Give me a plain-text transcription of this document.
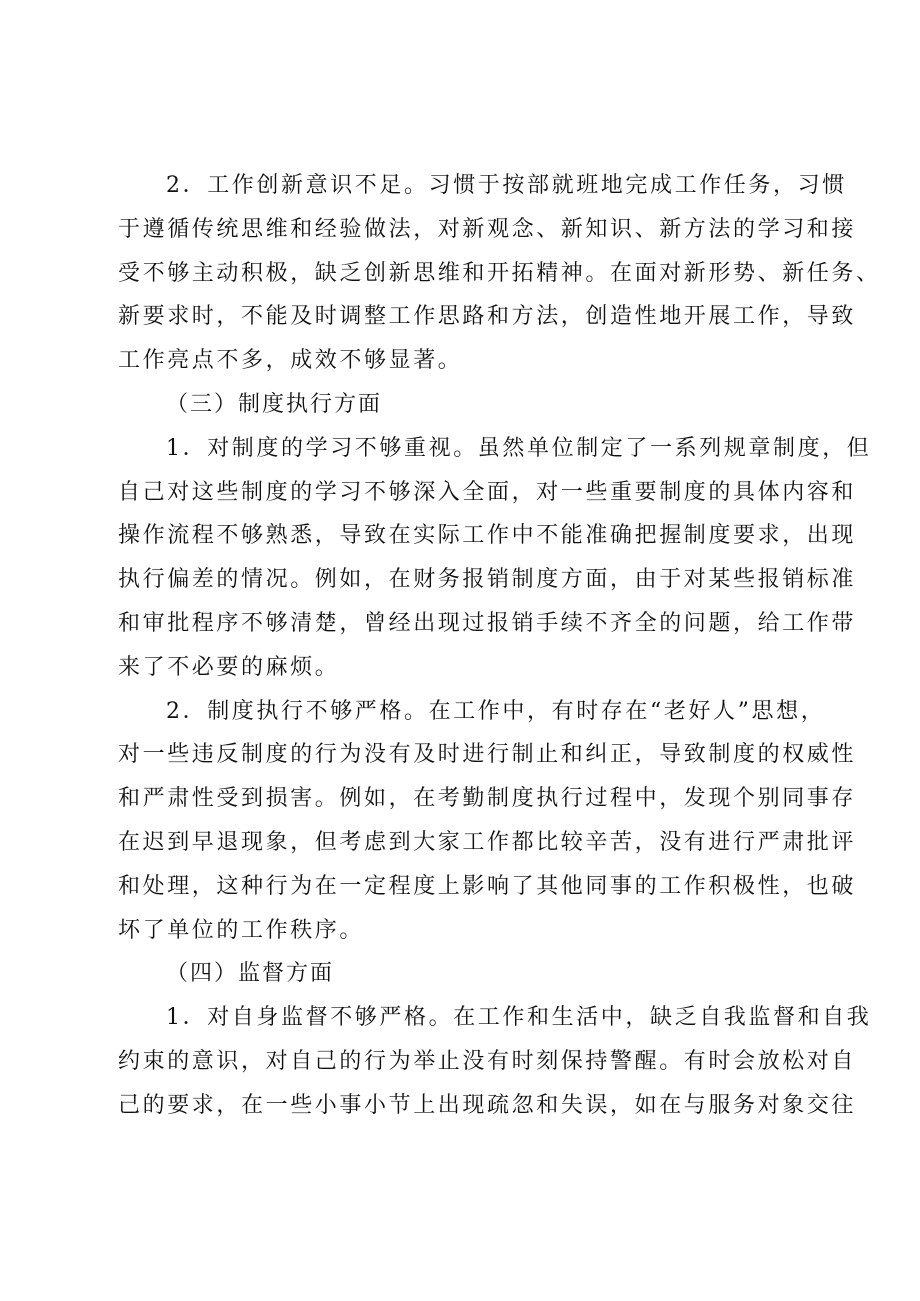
2．工作创新意识不足。习惯于按部就班地完成工作任务，习惯
于遵循传统思维和经验做法，对新观念、新知识、新方法的学习和接
受不够主动积极，缺乏创新思维和开拓精神。在面对新形势、新任务、
新要求时，不能及时调整工作思路和方法，创造性地开展工作，导致
工作亮点不多，成效不够显著。
（三）制度执行方面
1．对制度的学习不够重视。虽然单位制定了一系列规章制度，但
自己对这些制度的学习不够深入全面，对一些重要制度的具体内容和
操作流程不够熟悉，导致在实际工作中不能准确把握制度要求，出现
执行偏差的情况。例如，在财务报销制度方面，由于对某些报销标准
和审批程序不够清楚，曾经出现过报销手续不齐全的问题，给工作带
来了不必要的麻烦。
2．制度执行不够严格。在工作中，有时存在“老好人”思想，
对一些违反制度的行为没有及时进行制止和纠正，导致制度的权威性
和严肃性受到损害。例如，在考勤制度执行过程中，发现个别同事存
在迟到早退现象，但考虑到大家工作都比较辛苦，没有进行严肃批评
和处理，这种行为在一定程度上影响了其他同事的工作积极性，也破
坏了单位的工作秩序。
（四）监督方面
1．对自身监督不够严格。在工作和生活中，缺乏自我监督和自我
约束的意识，对自己的行为举止没有时刻保持警醒。有时会放松对自
己的要求，在一些小事小节上出现疏忽和失误，如在与服务对象交往
